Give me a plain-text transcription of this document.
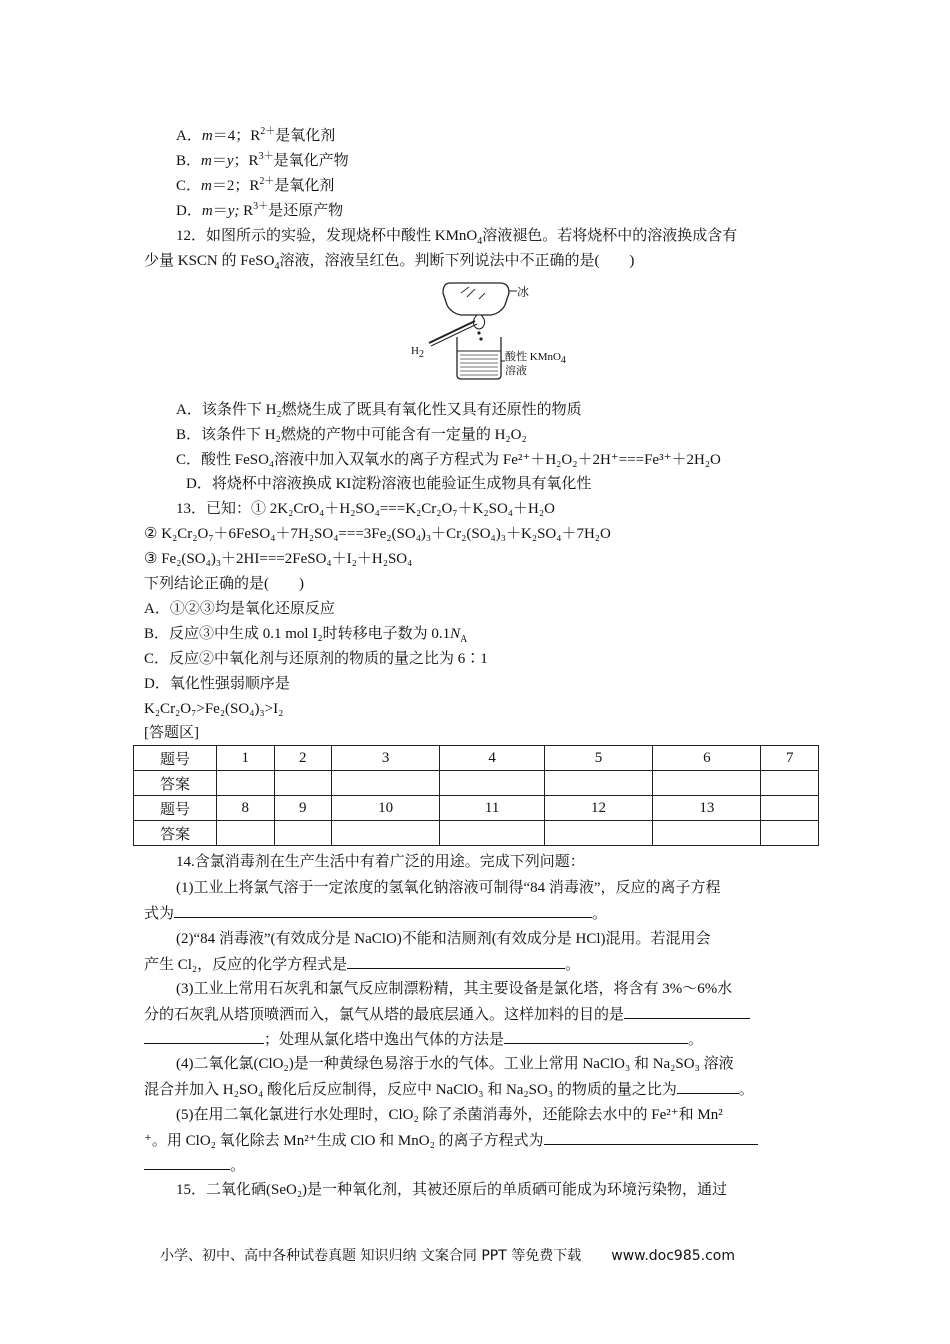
A．m＝4；$R^{2+}$是氧化剂
B．m＝y；$R^{3+}$是氧化产物
C．m＝2；$R^{2+}$是氧化剂
D．m＝y; $R^{3+}$是还原产物
12．如图所示的实验，发现烧杯中酸性 KMnO$_4$溶液褪色。若将烧杯中的溶液换成含有
少量 KSCN 的 FeSO$_4$溶液，溶液呈红色。判断下列说法中不正确的是(　　)
冰
$H_2$	酸性 KMnO$_4$
溶液
A．该条件下 H₂燃烧生成了既具有氧化性又具有还原性的物质
B．该条件下 H₂燃烧的产物中可能含有一定量的 H₂O₂
C．酸性 FeSO₄溶液中加入双氧水的离子方程式为 Fe²⁺＋H₂O₂＋2H⁺===Fe³⁺＋2H₂O
D．将烧杯中溶液换成 KI淀粉溶液也能验证生成物具有氧化性
13．已知：① 2K₂CrO₄＋H₂SO₄===K₂Cr₂O₇＋K₂SO₄＋H₂O
② K₂Cr₂O₇＋6FeSO₄＋7H₂SO₄===3Fe₂(SO₄)₃＋Cr₂(SO₄)₃＋K₂SO₄＋7H₂O
③ Fe₂(SO₄)₃＋2HI===2FeSO₄＋I₂＋H₂SO₄
下列结论正确的是(　　)
A．①②③均是氧化还原反应
B．反应③中生成 0.1 mol I₂时转移电子数为 $0.1N_A$
C．反应②中氧化剂与还原剂的物质的量之比为 6∶1
D．氧化性强弱顺序是
K₂Cr₂O₇>Fe₂(SO₄)₃>I₂
[答题区]
题号	1	2	3	4	5	6	7
答案							
题号	8	9	10	11	12	13	
答案							
14.含氯消毒剂在生产生活中有着广泛的用途。完成下列问题：
(1)工业上将氯气溶于一定浓度的氢氧化钠溶液可制得“84 消毒液”，反应的离子方程
式为	。
(2)“84 消毒液”(有效成分是 NaClO)不能和洁厕剂(有效成分是 HCl)混用。若混用会
产生 Cl₂，反应的化学方程式是	。
(3)工业上常用石灰乳和氯气反应制漂粉精，其主要设备是氯化塔，将含有 3%～6%水
分的石灰乳从塔顶喷洒而入，氯气从塔的最底层通入。这样加料的目的是
；处理从氯化塔中逸出气体的方法是	。
(4)二氧化氯(ClO₂)是一种黄绿色易溶于水的气体。工业上常用 NaClO₃ 和 Na₂SO₃ 溶液
混合并加入 H₂SO₄ 酸化后反应制得，反应中 NaClO₃ 和 Na₂SO₃ 的物质的量之比为	。
(5)在用二氧化氯进行水处理时，ClO₂ 除了杀菌消毒外，还能除去水中的 Fe²⁺和 Mn²
⁺。用 ClO₂ 氧化除去 Mn²⁺生成 ClO 和 MnO₂ 的离子方程式为
。
15．二氧化硒(SeO₂)是一种氧化剂，其被还原后的单质硒可能成为环境污染物，通过
小学、初中、高中各种试卷真题 知识归纳 文案合同 PPT 等免费下载 www.doc985.com
